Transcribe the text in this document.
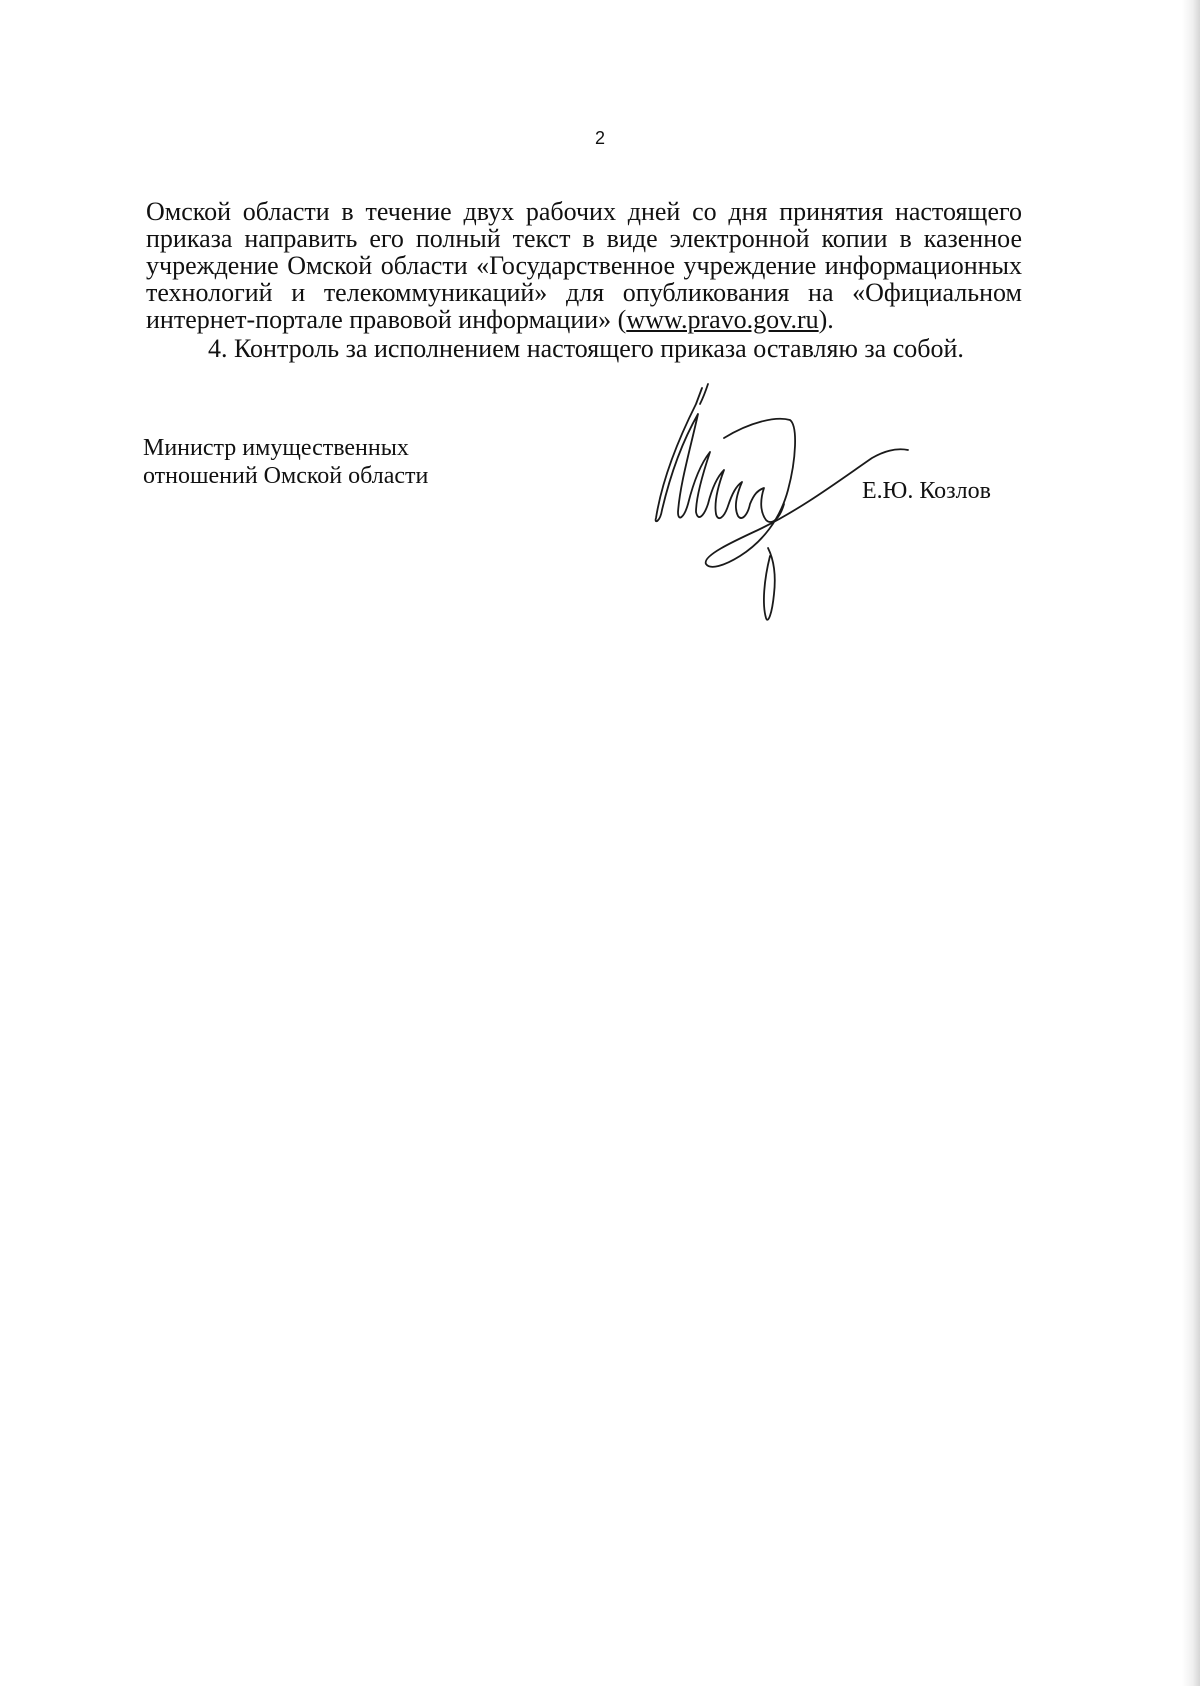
2

Омской области в течение двух рабочих дней со дня принятия настоящего приказа направить его полный текст в виде электронной копии в казенное учреждение Омской области «Государственное учреждение информационных технологий и телекоммуникаций» для опубликования на «Официальном интернет-портале правовой информации» (www.pravo.gov.ru).

4. Контроль за исполнением настоящего приказа оставляю за собой.

Министр имущественных
отношений Омской области
Е.Ю. Козлов
